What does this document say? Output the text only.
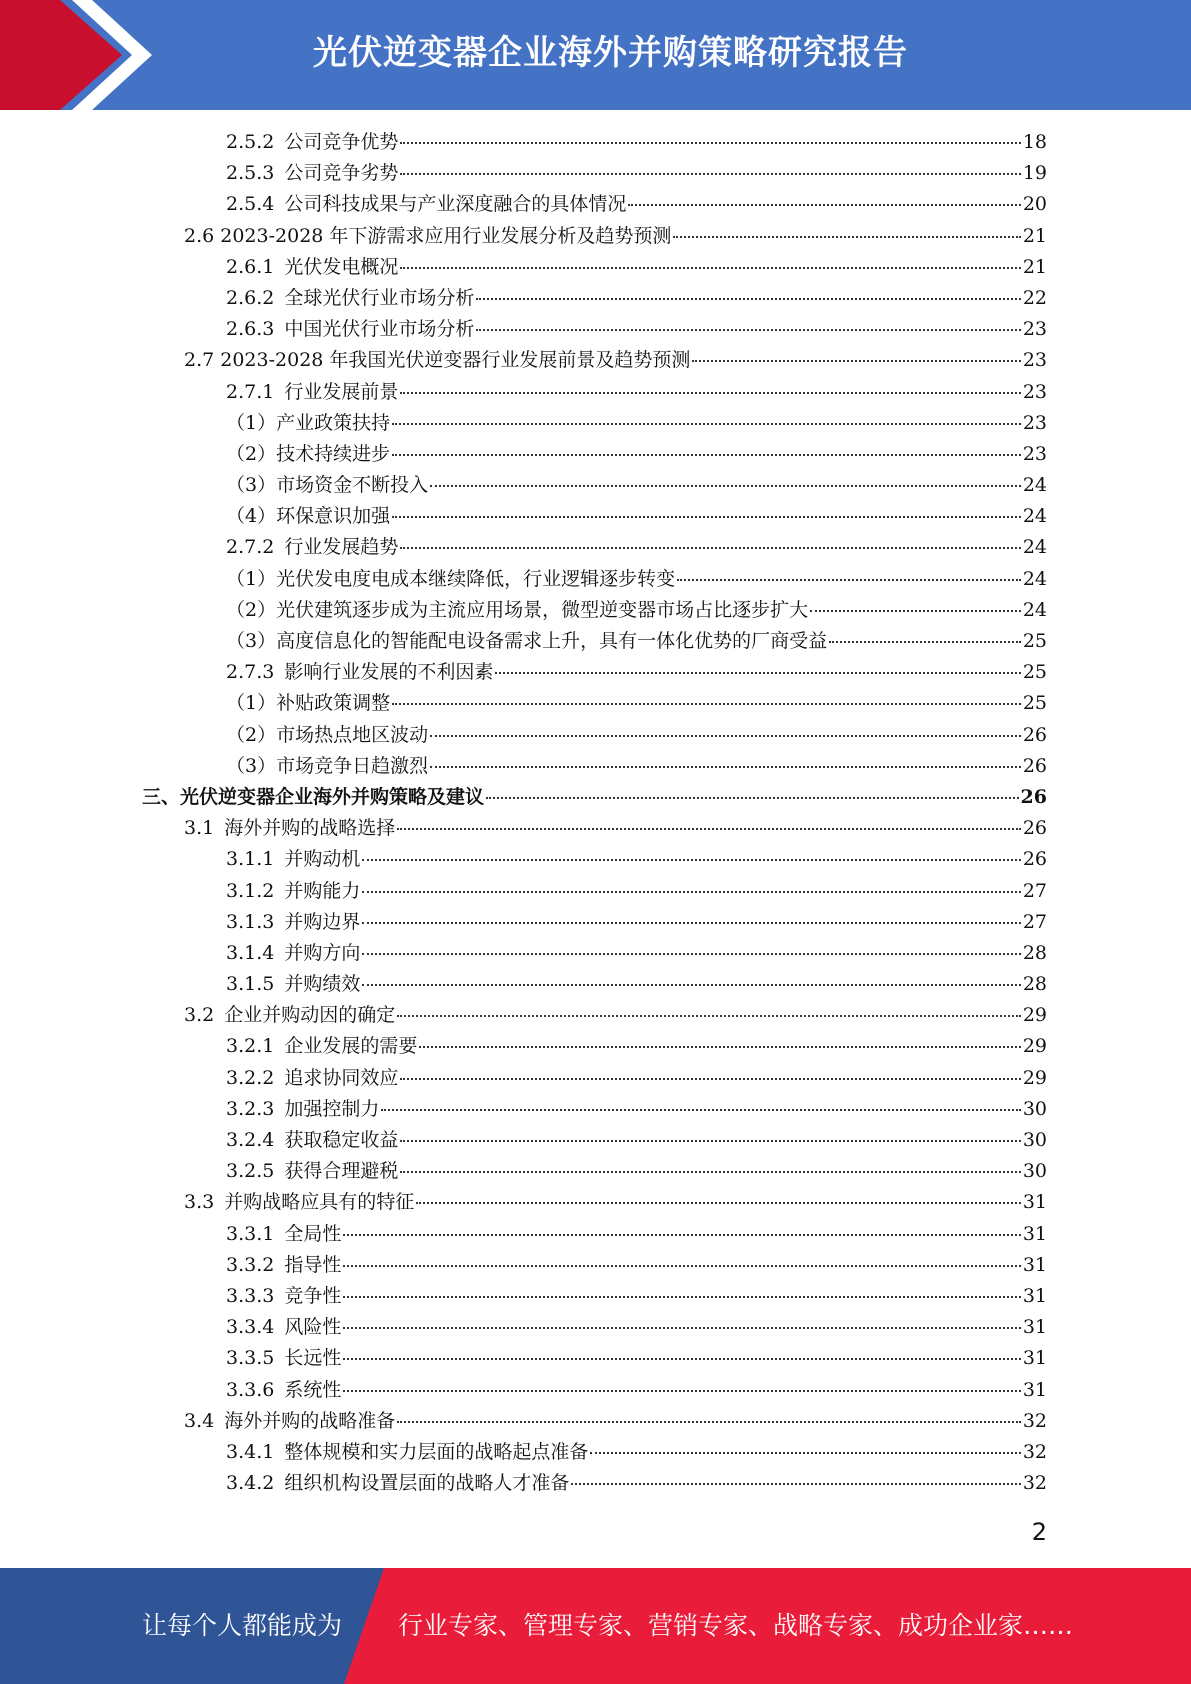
光伏逆变器企业海外并购策略研究报告
2.5.2 公司竞争优势	18
2.5.3 公司竞争劣势	19
2.5.4 公司科技成果与产业深度融合的具体情况	20
2.6 2023-2028 年下游需求应用行业发展分析及趋势预测	21
2.6.1 光伏发电概况	21
2.6.2 全球光伏行业市场分析	22
2.6.3 中国光伏行业市场分析	23
2.7 2023-2028 年我国光伏逆变器行业发展前景及趋势预测	23
2.7.1 行业发展前景	23
（1）产业政策扶持	23
（2）技术持续进步	23
（3）市场资金不断投入	24
（4）环保意识加强	24
2.7.2 行业发展趋势	24
（1）光伏发电度电成本继续降低，行业逻辑逐步转变	24
（2）光伏建筑逐步成为主流应用场景，微型逆变器市场占比逐步扩大	24
（3）高度信息化的智能配电设备需求上升，具有一体化优势的厂商受益	25
2.7.3 影响行业发展的不利因素	25
（1）补贴政策调整	25
（2）市场热点地区波动	26
（3）市场竞争日趋激烈	26
三、光伏逆变器企业海外并购策略及建议	26
3.1 海外并购的战略选择	26
3.1.1 并购动机	26
3.1.2 并购能力	27
3.1.3 并购边界	27
3.1.4 并购方向	28
3.1.5 并购绩效	28
3.2 企业并购动因的确定	29
3.2.1 企业发展的需要	29
3.2.2 追求协同效应	29
3.2.3 加强控制力	30
3.2.4 获取稳定收益	30
3.2.5 获得合理避税	30
3.3 并购战略应具有的特征	31
3.3.1 全局性	31
3.3.2 指导性	31
3.3.3 竞争性	31
3.3.4 风险性	31
3.3.5 长远性	31
3.3.6 系统性	31
3.4 海外并购的战略准备	32
3.4.1 整体规模和实力层面的战略起点准备	32
3.4.2 组织机构设置层面的战略人才准备	32
2
让每个人都能成为 行业专家、管理专家、营销专家、战略专家、成功企业家……
